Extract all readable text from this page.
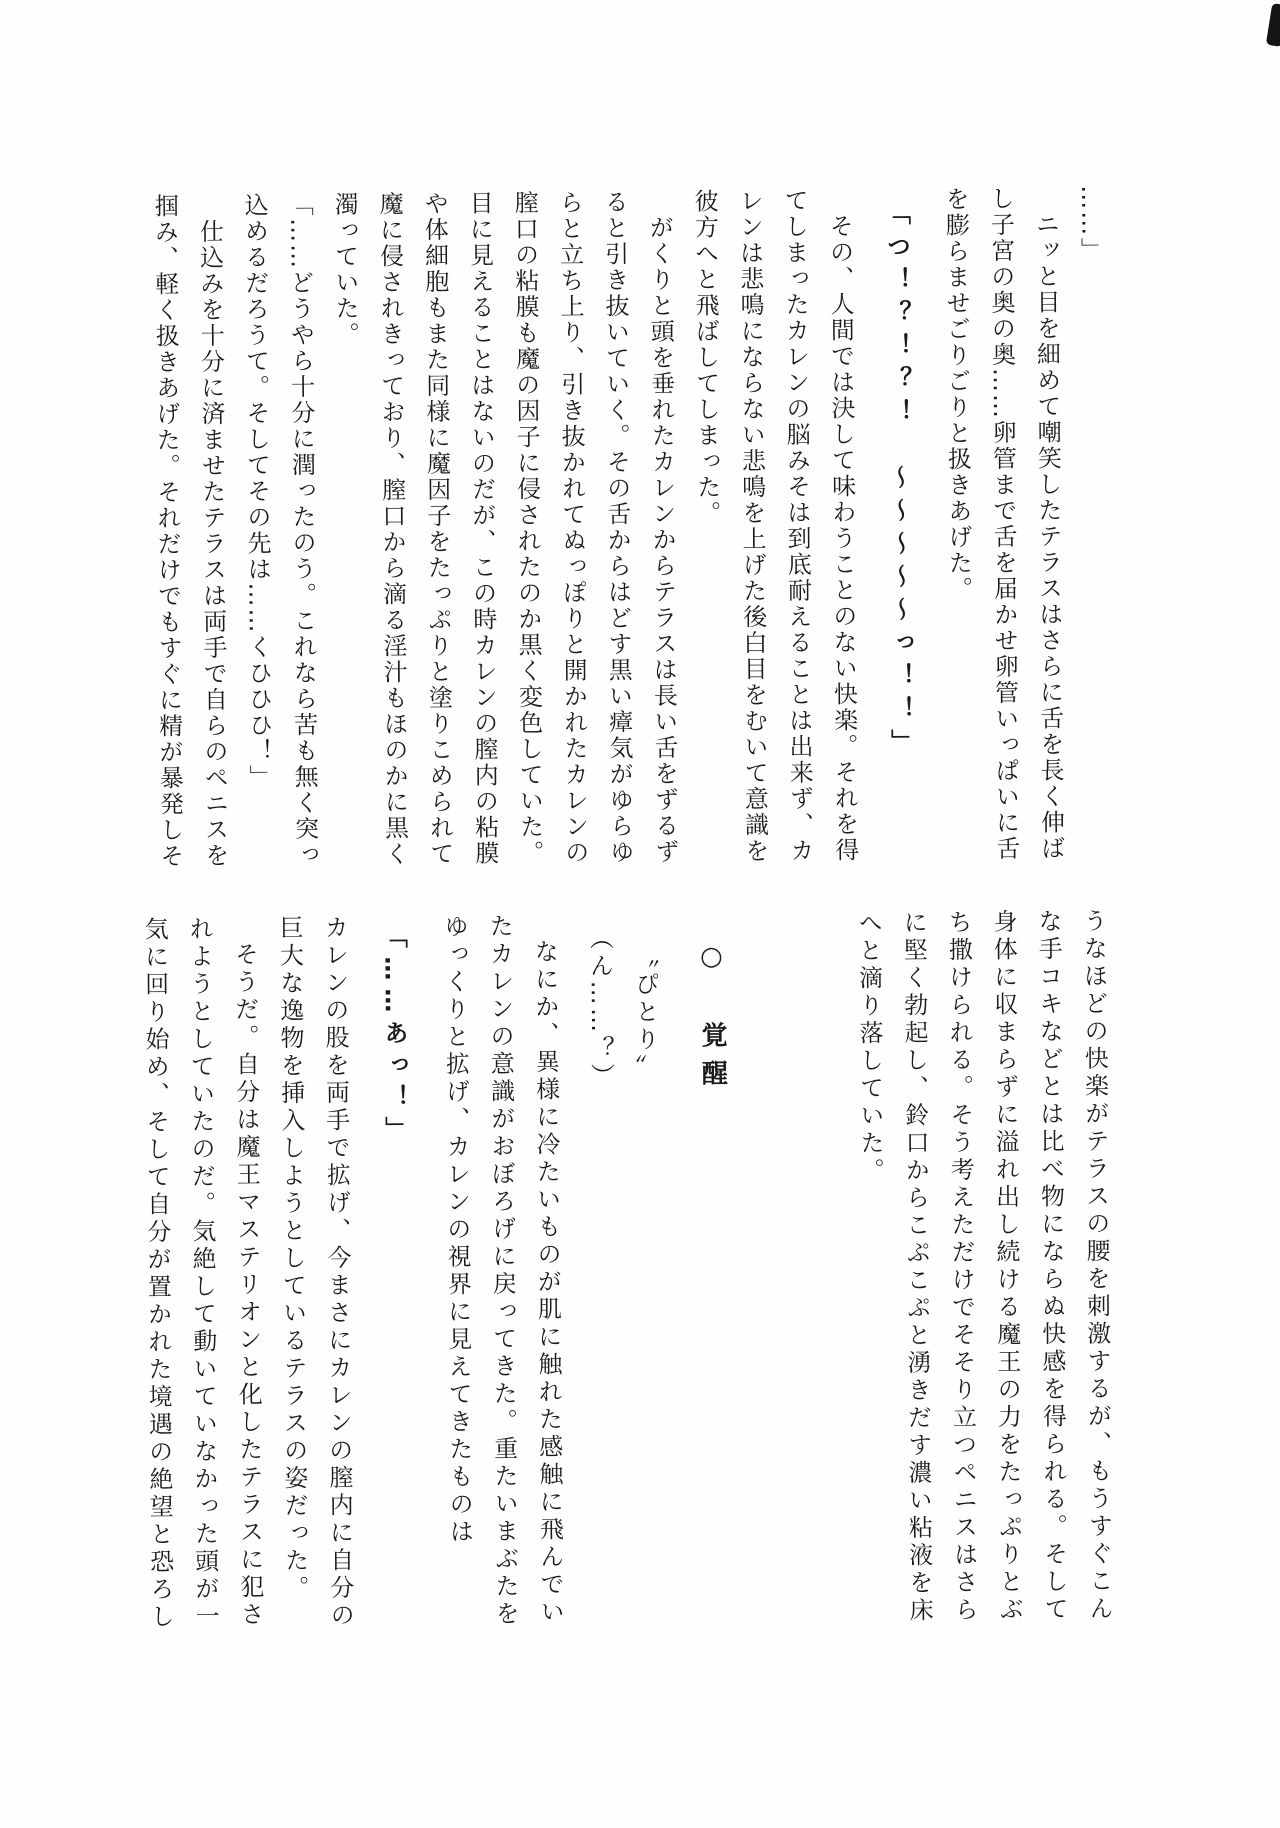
……」

ニッと目を細めて嘲笑したテラスはさらに舌を長く伸ばし子宮の奥の奥……卵管まで舌を届かせ卵管いっぱいに舌を膨らませごりごりと扱きあげた。

「つ！？！？！　～～～～～っ！！」

その、人間では決して味わうことのない快楽。それを得てしまったカレンの脳みそは到底耐えることは出来ず、カレンは悲鳴にならない悲鳴を上げた後白目をむいて意識を彼方へと飛ばしてしまった。

がくりと頭を垂れたカレンからテラスは長い舌をずるずると引き抜いていく。その舌からはどす黒い瘴気がゆらゆらと立ち上り、引き抜かれてぬっぽりと開かれたカレンの膣口の粘膜も魔の因子に侵されたのか黒く変色していた。目に見えることはないのだが、この時カレンの膣内の粘膜や体細胞もまた同様に魔因子をたっぷりと塗りこめられて魔に侵されきっており、膣口から滴る淫汁もほのかに黒く濁っていた。

「……どうやら十分に潤ったのう。これなら苦も無く突っ込めるだろうて。そしてその先は……くひひひ！」

仕込みを十分に済ませたテラスは両手で自らのペニスを掴み、軽く扱きあげた。それだけでもすぐに精が暴発しそ

うなほどの快楽がテラスの腰を刺激するが、もうすぐこんな手コキなどとは比べ物にならぬ快感を得られる。そして身体に収まらずに溢れ出し続ける魔王の力をたっぷりとぶち撒けられる。そう考えただけでそそり立つペニスはさらに堅く勃起し、鈴口からこぷこぷと湧きだす濃い粘液を床へと滴り落していた。

○　覚醒

〝ぴとり〟

（ん……？）

なにか、異様に冷たいものが肌に触れた感触に飛んでいたカレンの意識がおぼろげに戻ってきた。重たいまぶたをゆっくりと拡げ、カレンの視界に見えてきたものは

「……あっ！」

カレンの股を両手で拡げ、今まさにカレンの膣内に自分の巨大な逸物を挿入しようとしているテラスの姿だった。

そうだ。自分は魔王マステリオンと化したテラスに犯されようとしていたのだ。気絶して動いていなかった頭が一気に回り始め、そして自分が置かれた境遇の絶望と恐ろし
